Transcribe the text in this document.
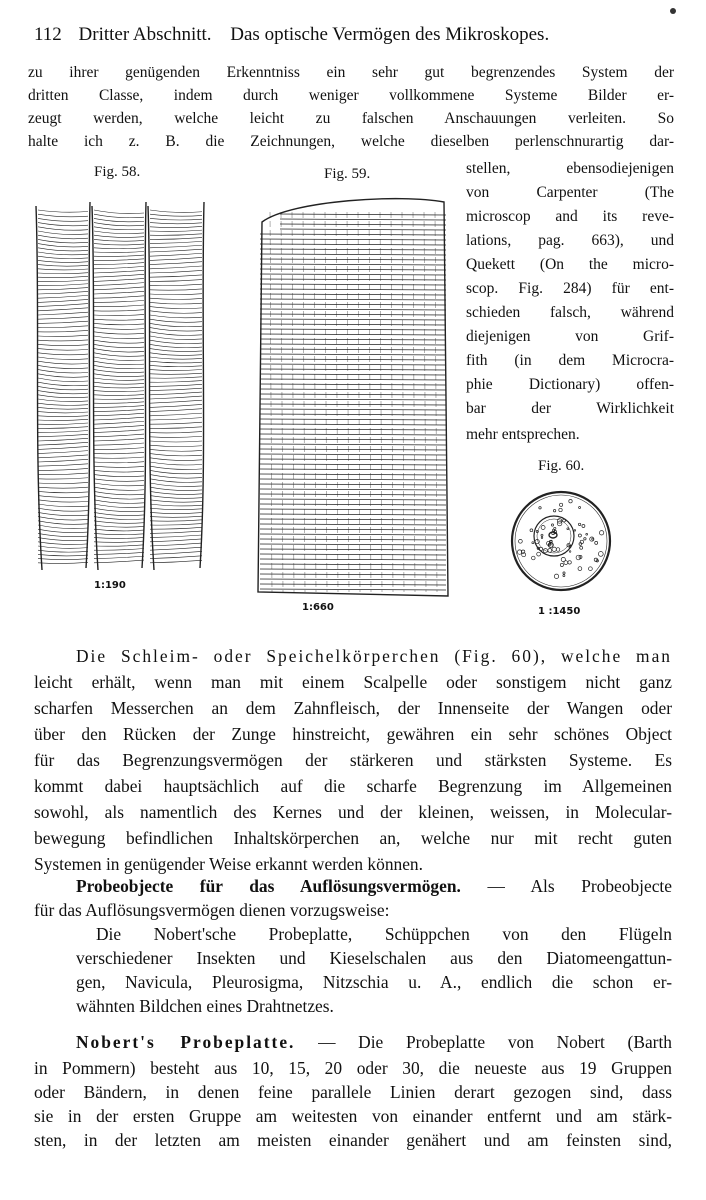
112 Dritter Abschnitt. Das optische Vermögen des Mikroskopes.
zu ihrer genügenden Erkenntniss ein sehr gut begrenzendes System der
dritten Classe, indem durch weniger vollkommene Systeme Bilder er-
zeugt werden, welche leicht zu falschen Anschauungen verleiten. So
halte ich z. B. die Zeichnungen, welche dieselben perlenschnurartig dar-
stellen, ebensodiejenigen
von Carpenter (The
microscop and its reve-
lations, pag. 663), und
Quekett (On the micro-
scop. Fig. 284) für ent-
schieden falsch, während
diejenigen von Grif-
fith (in dem Microcra-
phie Dictionary) offen-
bar der Wirklichkeit
mehr entsprechen.
Fig. 58.	Fig. 59.
Fig. 60.
1:190
1:660	1 :1450
Die Schleim- oder Speichelkörperchen (Fig. 60), welche man
leicht erhält, wenn man mit einem Scalpelle oder sonstigem nicht ganz
scharfen Messerchen an dem Zahnfleisch, der Innenseite der Wangen oder
über den Rücken der Zunge hinstreicht, gewähren ein sehr schönes Object
für das Begrenzungsvermögen der stärkeren und stärksten Systeme. Es
kommt dabei hauptsächlich auf die scharfe Begrenzung im Allgemeinen
sowohl, als namentlich des Kernes und der kleinen, weissen, in Molecular-
bewegung befindlichen Inhaltskörperchen an, welche nur mit recht guten
Systemen in genügender Weise erkannt werden können.
Probeobjecte für das Auflösungsvermögen. — Als Probeobjecte
für das Auflösungsvermögen dienen vorzugsweise:
Die Nobert'sche Probeplatte, Schüppchen von den Flügeln
verschiedener Insekten und Kieselschalen aus den Diatomeengattun-
gen, Navicula, Pleurosigma, Nitzschia u. A., endlich die schon er-
wähnten Bildchen eines Drahtnetzes.
Nobert's Probeplatte. — Die Probeplatte von Nobert (Barth
in Pommern) besteht aus 10, 15, 20 oder 30, die neueste aus 19 Gruppen
oder Bändern, in denen feine parallele Linien derart gezogen sind, dass
sie in der ersten Gruppe am weitesten von einander entfernt und am stärk-
sten, in der letzten am meisten einander genähert und am feinsten sind,
